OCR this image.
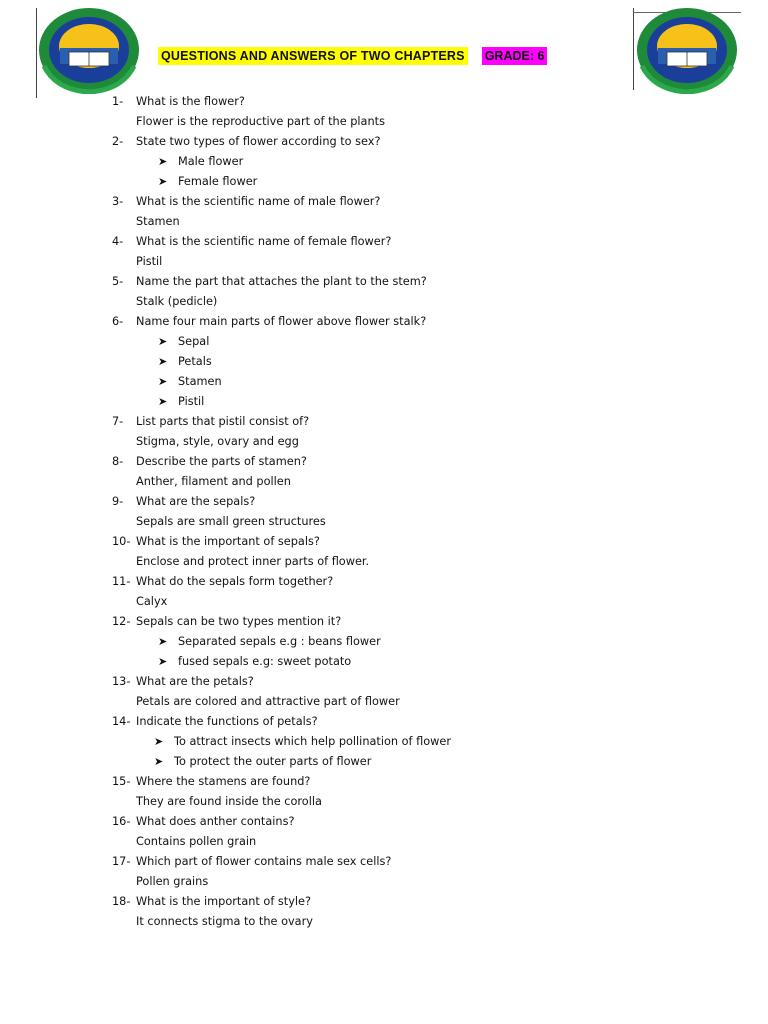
QUESTIONS AND ANSWERS OF TWO CHAPTERS GRADE: 6
1- What is the flower?
Flower is the reproductive part of the plants
2- State two types of flower according to sex?
➤ Male flower
➤ Female flower
3- What is the scientific name of male flower?
Stamen
4- What is the scientific name of female flower?
Pistil
5- Name the part that attaches the plant to the stem?
Stalk (pedicle)
6- Name four main parts of flower above flower stalk?
➤ Sepal
➤ Petals
➤ Stamen
➤ Pistil
7- List parts that pistil consist of?
Stigma, style, ovary and egg
8- Describe the parts of stamen?
Anther, filament and pollen
9-What are the sepals?
Sepals are small green structures
10- What is the important of sepals?
Enclose and protect inner parts of flower.
11- What do the sepals form together?
Calyx
12- Sepals can be two types mention it?
➤ Separated sepals e.g : beans flower
➤ fused sepals e.g: sweet potato
13- What are the petals?
Petals are colored and attractive part of flower
14- Indicate the functions of petals?
➤ To attract insects which help pollination of flower
➤ To protect the outer parts of flower
15- Where the stamens are found?
They are found inside the corolla
16- What does anther contains?
Contains pollen grain
17- Which part of flower contains male sex cells?
Pollen grains
18- What is the important of style?
It connects stigma to the ovary
